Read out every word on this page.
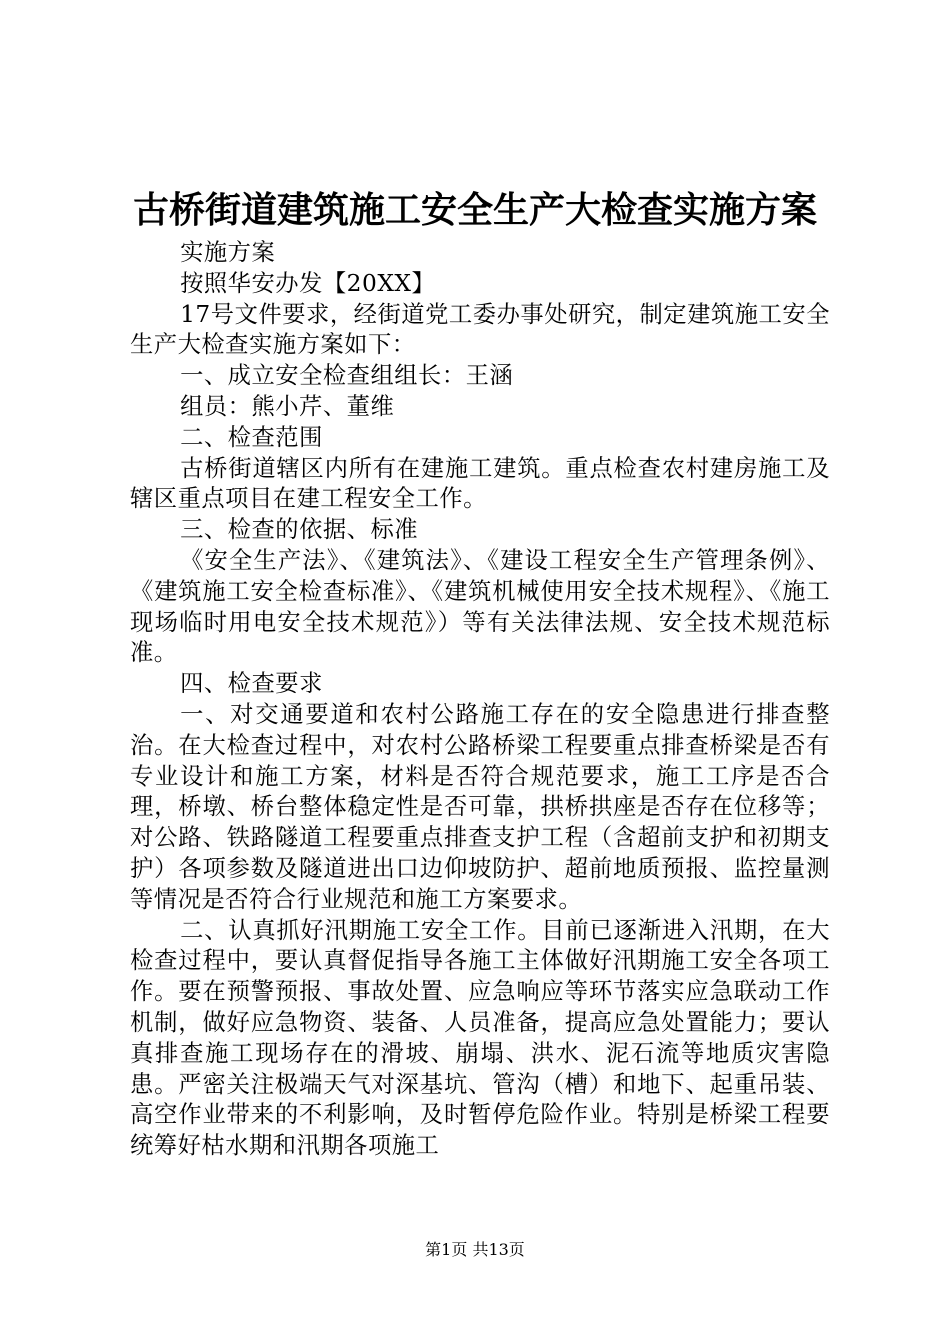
古桥街道建筑施工安全生产大检查实施方案

实施方案

按照华安办发【20XX】

17号文件要求，经街道党工委办事处研究，制定建筑施工安全生产大检查实施方案如下：

一、成立安全检查组组长：王涵

组员：熊小芹、董维

二、检查范围

古桥街道辖区内所有在建施工建筑。重点检查农村建房施工及辖区重点项目在建工程安全工作。

三、检查的依据、标准

《安全生产法》、《建筑法》、《建设工程安全生产管理条例》、《建筑施工安全检查标准》、《建筑机械使用安全技术规程》、《施工现场临时用电安全技术规范》）等有关法律法规、安全技术规范标准。

四、检查要求

一、对交通要道和农村公路施工存在的安全隐患进行排查整治。在大检查过程中，对农村公路桥梁工程要重点排查桥梁是否有专业设计和施工方案，材料是否符合规范要求，施工工序是否合理，桥墩、桥台整体稳定性是否可靠，拱桥拱座是否存在位移等；对公路、铁路隧道工程要重点排查支护工程（含超前支护和初期支护）各项参数及隧道进出口边仰坡防护、超前地质预报、监控量测等情况是否符合行业规范和施工方案要求。

二、认真抓好汛期施工安全工作。目前已逐渐进入汛期，在大检查过程中，要认真督促指导各施工主体做好汛期施工安全各项工作。要在预警预报、事故处置、应急响应等环节落实应急联动工作机制，做好应急物资、装备、人员准备，提高应急处置能力；要认真排查施工现场存在的滑坡、崩塌、洪水、泥石流等地质灾害隐患。严密关注极端天气对深基坑、管沟（槽）和地下、起重吊装、高空作业带来的不利影响，及时暂停危险作业。特别是桥梁工程要统筹好枯水期和汛期各项施工

第1页 共13页
